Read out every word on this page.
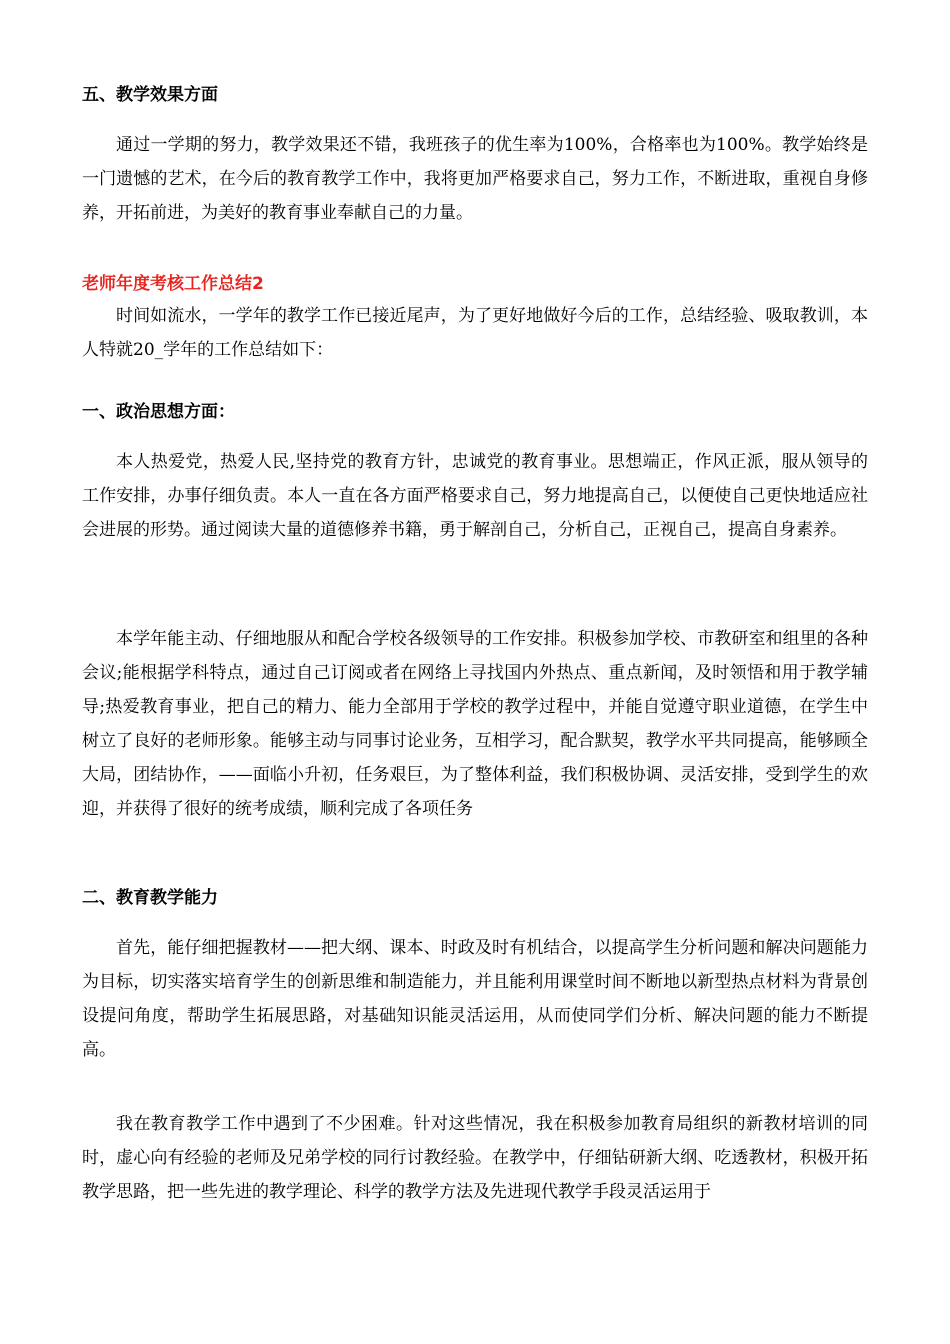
五、教学效果方面
通过一学期的努力，教学效果还不错，我班孩子的优生率为100%，合格率也为100%。教学始终是一门遗憾的艺术，在今后的教育教学工作中，我将更加严格要求自己，努力工作，不断进取，重视自身修养，开拓前进，为美好的教育事业奉献自己的力量。
老师年度考核工作总结2
时间如流水，一学年的教学工作已接近尾声，为了更好地做好今后的工作，总结经验、吸取教训，本人特就20_学年的工作总结如下：
一、政治思想方面：
本人热爱党，热爱人民,坚持党的教育方针，忠诚党的教育事业。思想端正，作风正派，服从领导的工作安排，办事仔细负责。本人一直在各方面严格要求自己，努力地提高自己，以便使自己更快地适应社会进展的形势。通过阅读大量的道德修养书籍，勇于解剖自己，分析自己，正视自己，提高自身素养。
本学年能主动、仔细地服从和配合学校各级领导的工作安排。积极参加学校、市教研室和组里的各种会议;能根据学科特点，通过自己订阅或者在网络上寻找国内外热点、重点新闻，及时领悟和用于教学辅导;热爱教育事业，把自己的精力、能力全部用于学校的教学过程中，并能自觉遵守职业道德，在学生中树立了良好的老师形象。能够主动与同事讨论业务，互相学习，配合默契，教学水平共同提高，能够顾全大局，团结协作，——面临小升初，任务艰巨，为了整体利益，我们积极协调、灵活安排，受到学生的欢迎，并获得了很好的统考成绩，顺利完成了各项任务
二、教育教学能力
首先，能仔细把握教材——把大纲、课本、时政及时有机结合，以提高学生分析问题和解决问题能力为目标，切实落实培育学生的创新思维和制造能力，并且能利用课堂时间不断地以新型热点材料为背景创设提问角度，帮助学生拓展思路，对基础知识能灵活运用，从而使同学们分析、解决问题的能力不断提高。
我在教育教学工作中遇到了不少困难。针对这些情况，我在积极参加教育局组织的新教材培训的同时，虚心向有经验的老师及兄弟学校的同行讨教经验。在教学中，仔细钻研新大纲、吃透教材，积极开拓教学思路，把一些先进的教学理论、科学的教学方法及先进现代教学手段灵活运用于
